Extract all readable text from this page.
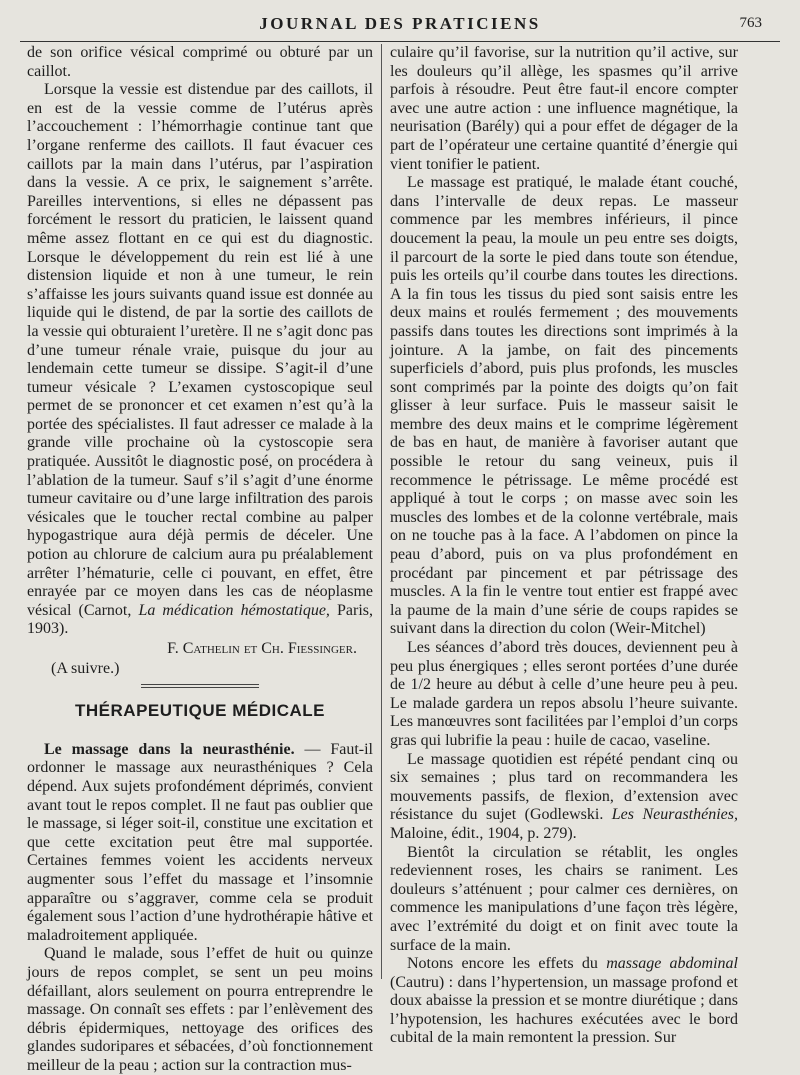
JOURNAL DES PRATICIENS	763

de son orifice vésical comprimé ou obturé par un caillot.

Lorsque la vessie est distendue par des caillots, il en est de la vessie comme de l’utérus après l’accouchement : l’hémorrhagie continue tant que l’organe renferme des caillots. Il faut évacuer ces caillots par la main dans l’utérus, par l’aspiration dans la vessie. A ce prix, le saignement s’arrête. Pareilles interventions, si elles ne dépassent pas forcément le ressort du praticien, le laissent quand même assez flottant en ce qui est du diagnostic. Lorsque le développement du rein est lié à une distension liquide et non à une tumeur, le rein s’affaisse les jours suivants quand issue est donnée au liquide qui le distend, de par la sortie des caillots de la vessie qui obturaient l’uretère. Il ne s’agit donc pas d’une tumeur rénale vraie, puisque du jour au lendemain cette tumeur se dissipe. S’agit-il d’une tumeur vésicale ? L’examen cystoscopique seul permet de se prononcer et cet examen n’est qu’à la portée des spécialistes. Il faut adresser ce malade à la grande ville prochaine où la cystoscopie sera pratiquée. Aussitôt le diagnostic posé, on procédera à l’ablation de la tumeur. Sauf s’il s’agit d’une énorme tumeur cavitaire ou d’une large infiltration des parois vésicales que le toucher rectal combine au palper hypogastrique aura déjà permis de déceler. Une potion au chlorure de calcium aura pu préalablement arrêter l’hématurie, celle ci pouvant, en effet, être enrayée par ce moyen dans les cas de néoplasme vésical (Carnot, La médication hémostatique, Paris, 1903).

F. Cathelin et Ch. Fiessinger.

(A suivre.)

THÉRAPEUTIQUE MÉDICALE

Le massage dans la neurasthénie. — Faut-il ordonner le massage aux neurasthéniques ? Cela dépend. Aux sujets profondément déprimés, convient avant tout le repos complet. Il ne faut pas oublier que le massage, si léger soit-il, constitue une excitation et que cette excitation peut être mal supportée. Certaines femmes voient les accidents nerveux augmenter sous l’effet du massage et l’insomnie apparaître ou s’aggraver, comme cela se produit également sous l’action d’une hydrothérapie hâtive et maladroitement appliquée.

Quand le malade, sous l’effet de huit ou quinze jours de repos complet, se sent un peu moins défaillant, alors seulement on pourra entreprendre le massage. On connaît ses effets : par l’enlèvement des débris épidermiques, nettoyage des orifices des glandes sudoripares et sébacées, d’où fonctionnement meilleur de la peau ; action sur la contraction mus-

culaire qu’il favorise, sur la nutrition qu’il active, sur les douleurs qu’il allège, les spasmes qu’il arrive parfois à résoudre. Peut être faut-il encore compter avec une autre action : une influence magnétique, la neurisation (Barély) qui a pour effet de dégager de la part de l’opérateur une certaine quantité d’énergie qui vient tonifier le patient.

Le massage est pratiqué, le malade étant couché, dans l’intervalle de deux repas. Le masseur commence par les membres inférieurs, il pince doucement la peau, la moule un peu entre ses doigts, il parcourt de la sorte le pied dans toute son étendue, puis les orteils qu’il courbe dans toutes les directions. A la fin tous les tissus du pied sont saisis entre les deux mains et roulés fermement ; des mouvements passifs dans toutes les directions sont imprimés à la jointure. A la jambe, on fait des pincements superficiels d’abord, puis plus profonds, les muscles sont comprimés par la pointe des doigts qu’on fait glisser à leur surface. Puis le masseur saisit le membre des deux mains et le comprime légèrement de bas en haut, de manière à favoriser autant que possible le retour du sang veineux, puis il recommence le pétrissage. Le même procédé est appliqué à tout le corps ; on masse avec soin les muscles des lombes et de la colonne vertébrale, mais on ne touche pas à la face. A l’abdomen on pince la peau d’abord, puis on va plus profondément en procédant par pincement et par pétrissage des muscles. A la fin le ventre tout entier est frappé avec la paume de la main d’une série de coups rapides se suivant dans la direction du colon (Weir-Mitchel)

Les séances d’abord très douces, deviennent peu à peu plus énergiques ; elles seront portées d’une durée de 1/2 heure au début à celle d’une heure peu à peu. Le malade gardera un repos absolu l’heure suivante. Les manœuvres sont facilitées par l’emploi d’un corps gras qui lubrifie la peau : huile de cacao, vaseline.

Le massage quotidien est répété pendant cinq ou six semaines ; plus tard on recommandera les mouvements passifs, de flexion, d’extension avec résistance du sujet (Godlewski. Les Neurasthénies, Maloine, édit., 1904, p. 279).

Bientôt la circulation se rétablit, les ongles redeviennent roses, les chairs se raniment. Les douleurs s’atténuent ; pour calmer ces dernières, on commence les manipulations d’une façon très légère, avec l’extrémité du doigt et on finit avec toute la surface de la main.

Notons encore les effets du massage abdominal (Cautru) : dans l’hypertension, un massage profond et doux abaisse la pression et se montre diurétique ; dans l’hypotension, les hachures exécutées avec le bord cubital de la main remontent la pression. Sur
